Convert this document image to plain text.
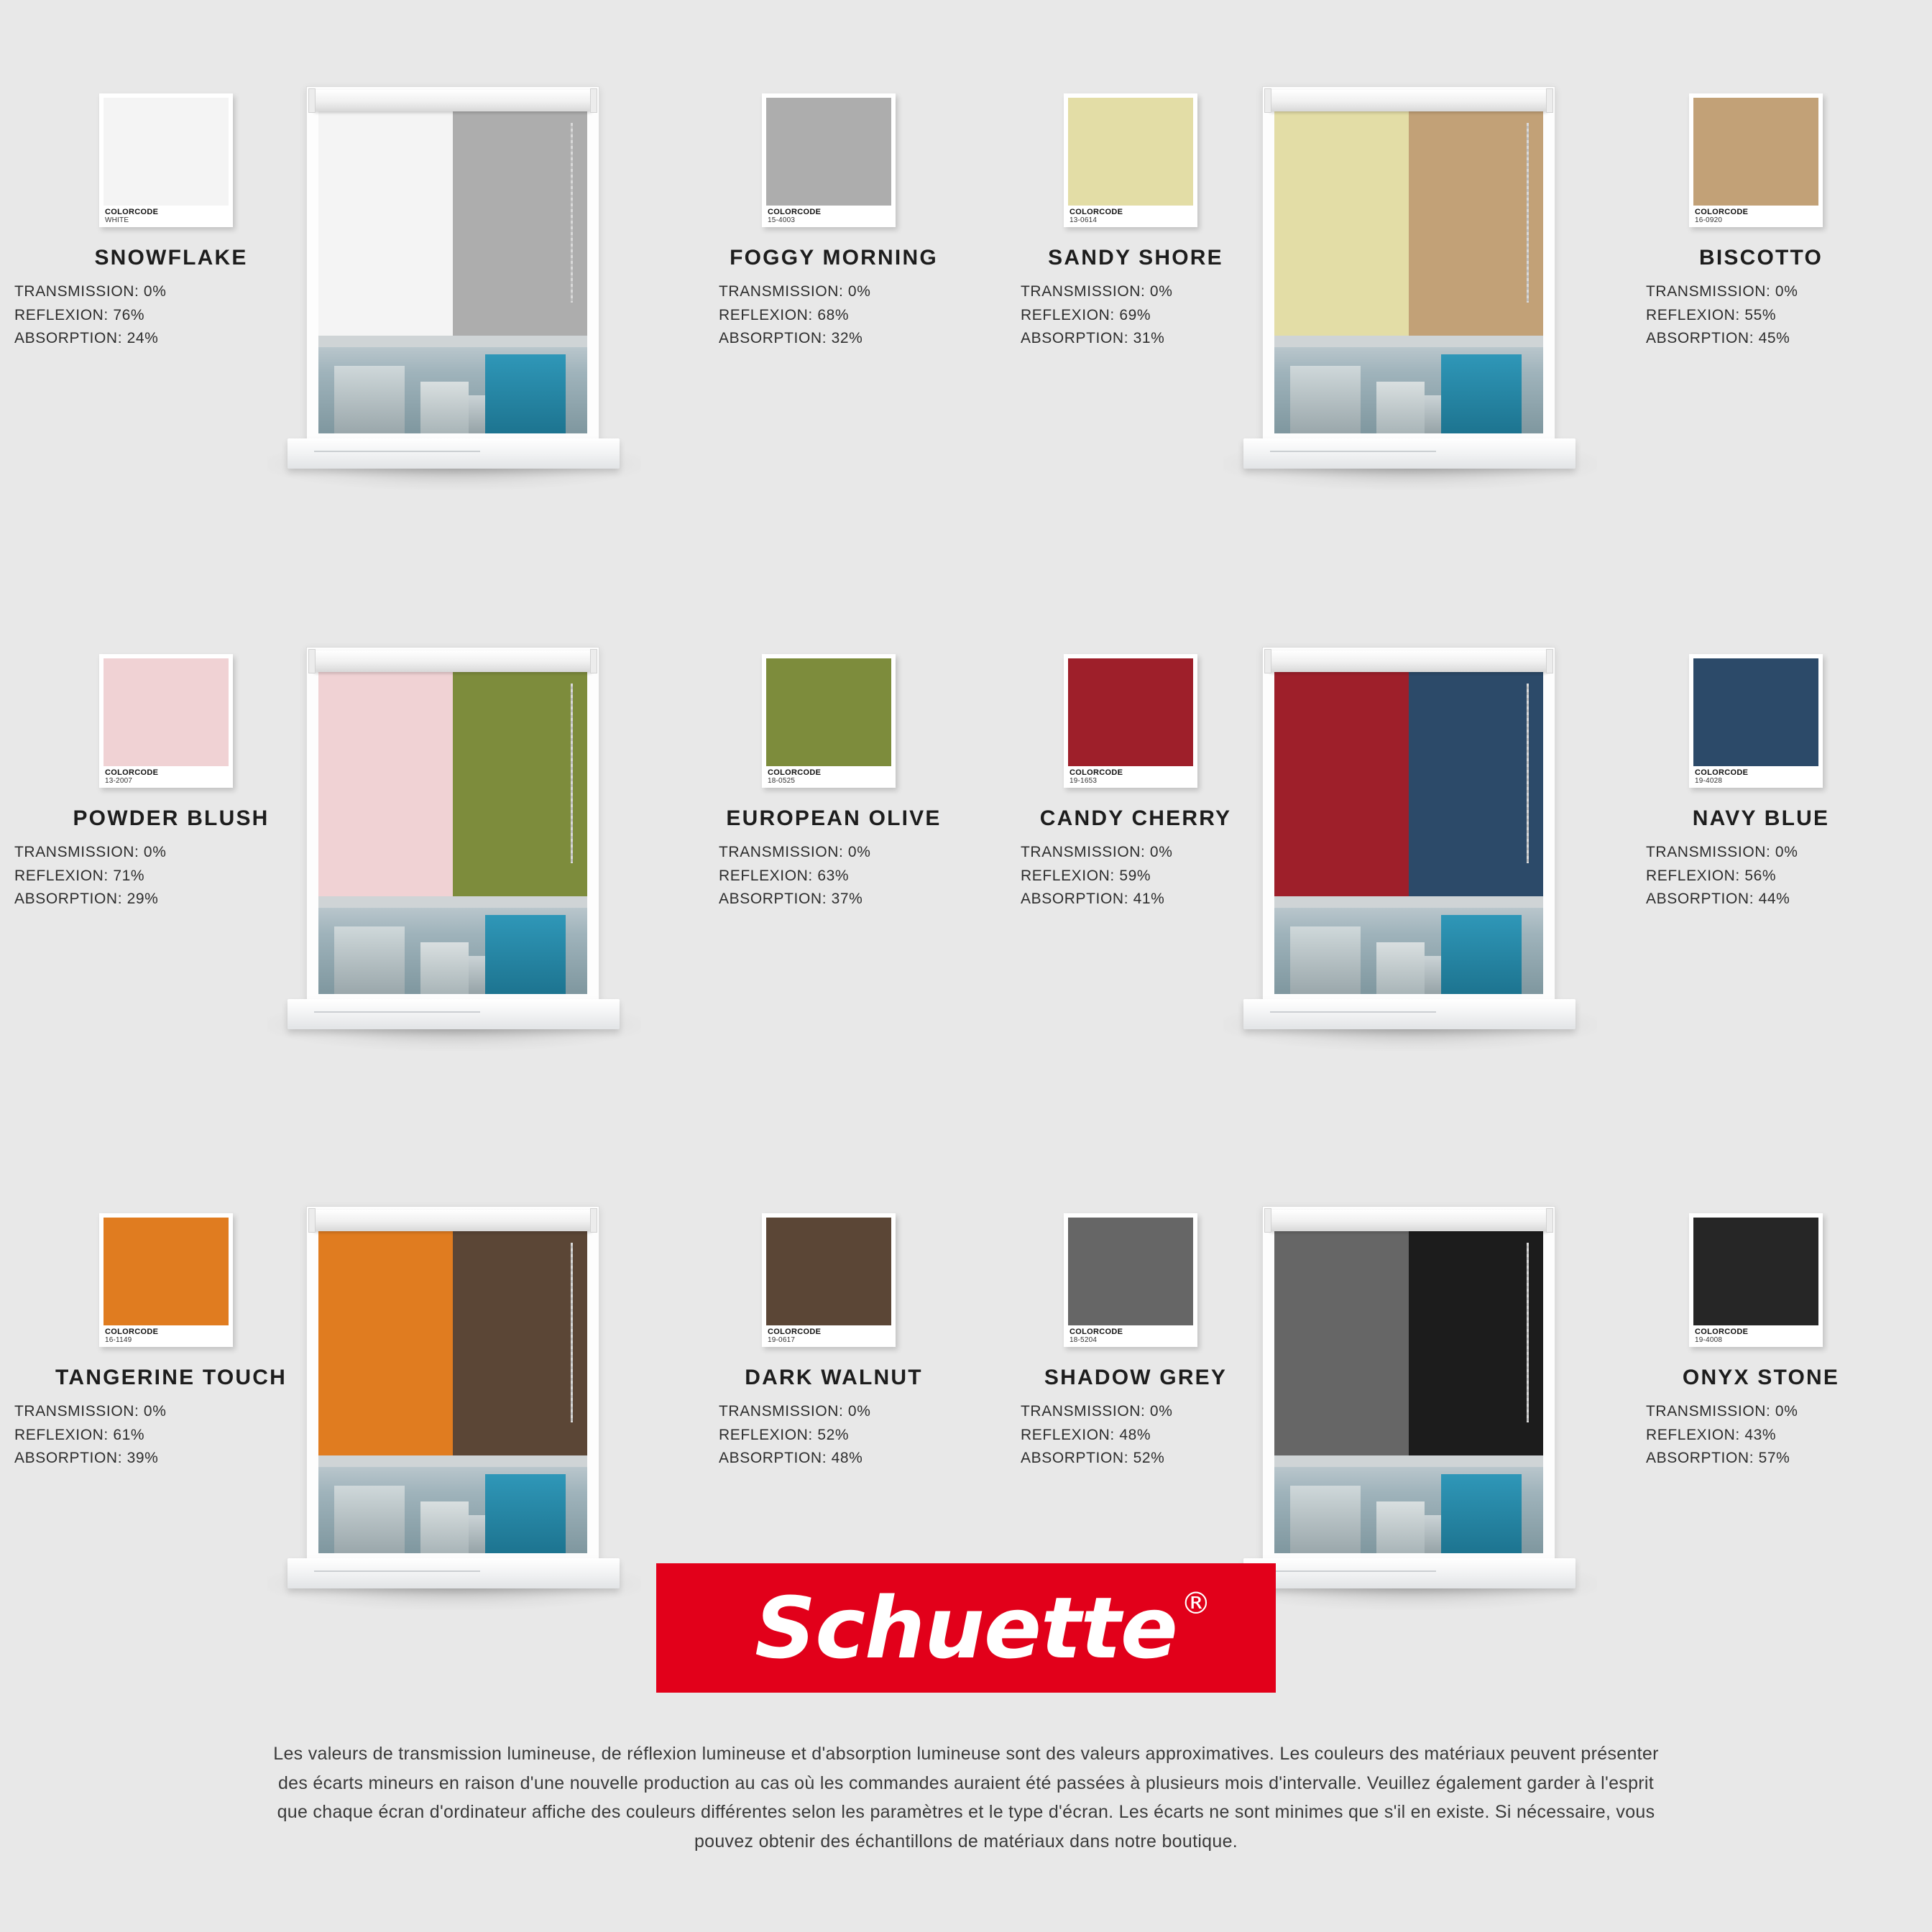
COLORCODE
WHITE
SNOWFLAKE
TRANSMISSION: 0%
REFLEXION: 76%
ABSORPTION: 24%
COLORCODE
15-4003
FOGGY MORNING
TRANSMISSION: 0%
REFLEXION: 68%
ABSORPTION: 32%
COLORCODE
13-0614
SANDY SHORE
TRANSMISSION: 0%
REFLEXION: 69%
ABSORPTION: 31%
COLORCODE
16-0920
BISCOTTO
TRANSMISSION: 0%
REFLEXION: 55%
ABSORPTION: 45%
COLORCODE
13-2007
POWDER BLUSH
TRANSMISSION: 0%
REFLEXION: 71%
ABSORPTION: 29%
COLORCODE
18-0525
EUROPEAN OLIVE
TRANSMISSION: 0%
REFLEXION: 63%
ABSORPTION: 37%
COLORCODE
19-1653
CANDY CHERRY
TRANSMISSION: 0%
REFLEXION: 59%
ABSORPTION: 41%
COLORCODE
19-4028
NAVY BLUE
TRANSMISSION: 0%
REFLEXION: 56%
ABSORPTION: 44%
COLORCODE
16-1149
TANGERINE TOUCH
TRANSMISSION: 0%
REFLEXION: 61%
ABSORPTION: 39%
COLORCODE
19-0617
DARK WALNUT
TRANSMISSION: 0%
REFLEXION: 52%
ABSORPTION: 48%
COLORCODE
18-5204
SHADOW GREY
TRANSMISSION: 0%
REFLEXION: 48%
ABSORPTION: 52%
COLORCODE
19-4008
ONYX STONE
TRANSMISSION: 0%
REFLEXION: 43%
ABSORPTION: 57%
Schuette ®
Les valeurs de transmission lumineuse, de réflexion lumineuse et d'absorption lumineuse sont des valeurs approximatives. Les couleurs des matériaux peuvent présenter des écarts mineurs en raison d'une nouvelle production au cas où les commandes auraient été passées à plusieurs mois d'intervalle. Veuillez également garder à l'esprit que chaque écran d'ordinateur affiche des couleurs différentes selon les paramètres et le type d'écran. Les écarts ne sont minimes que s'il en existe. Si nécessaire, vous pouvez obtenir des échantillons de matériaux dans notre boutique.
